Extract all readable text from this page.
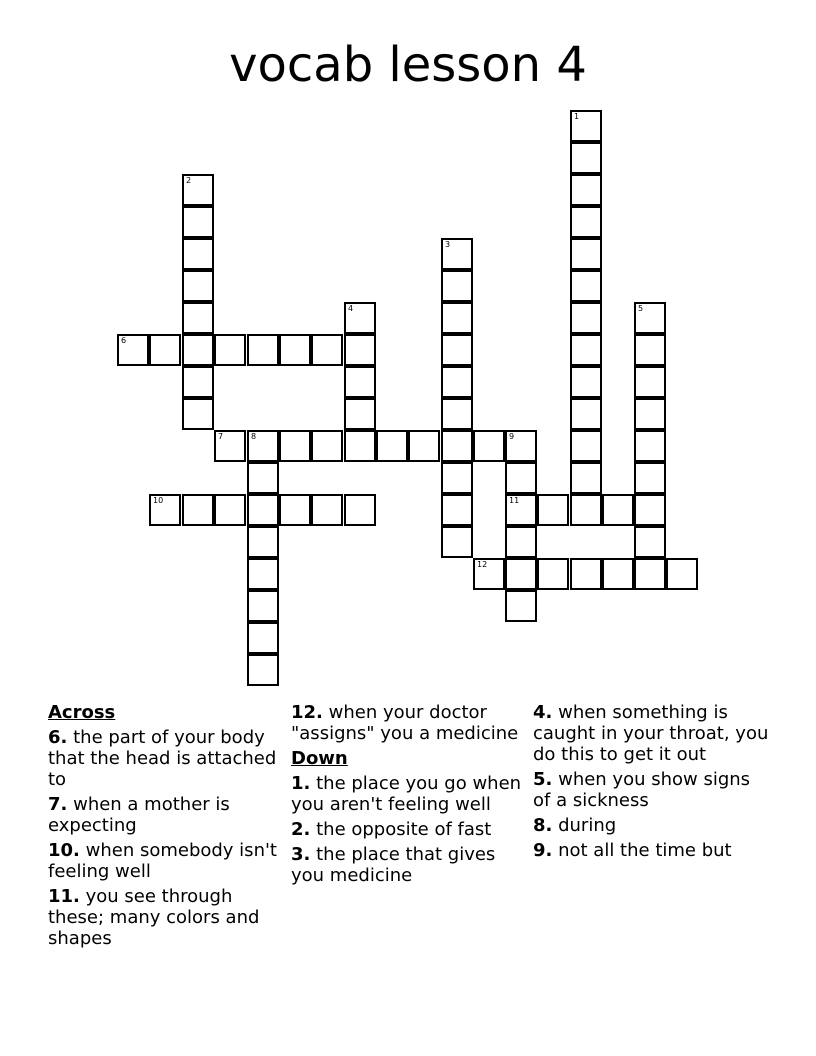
vocab lesson 4
1
2
3
4	5
6
7	8	9
10	11
12
Across
6. the part of your body that the head is attached to
7. when a mother is expecting
10. when somebody isn't feeling well
11. you see through these; many colors and shapes
12. when your doctor "assigns" you a medicine
Down
1. the place you go when you aren't feeling well
2. the opposite of fast
3. the place that gives you medicine
4. when something is caught in your throat, you do this to get it out
5. when you show signs of a sickness
8. during
9. not all the time but
